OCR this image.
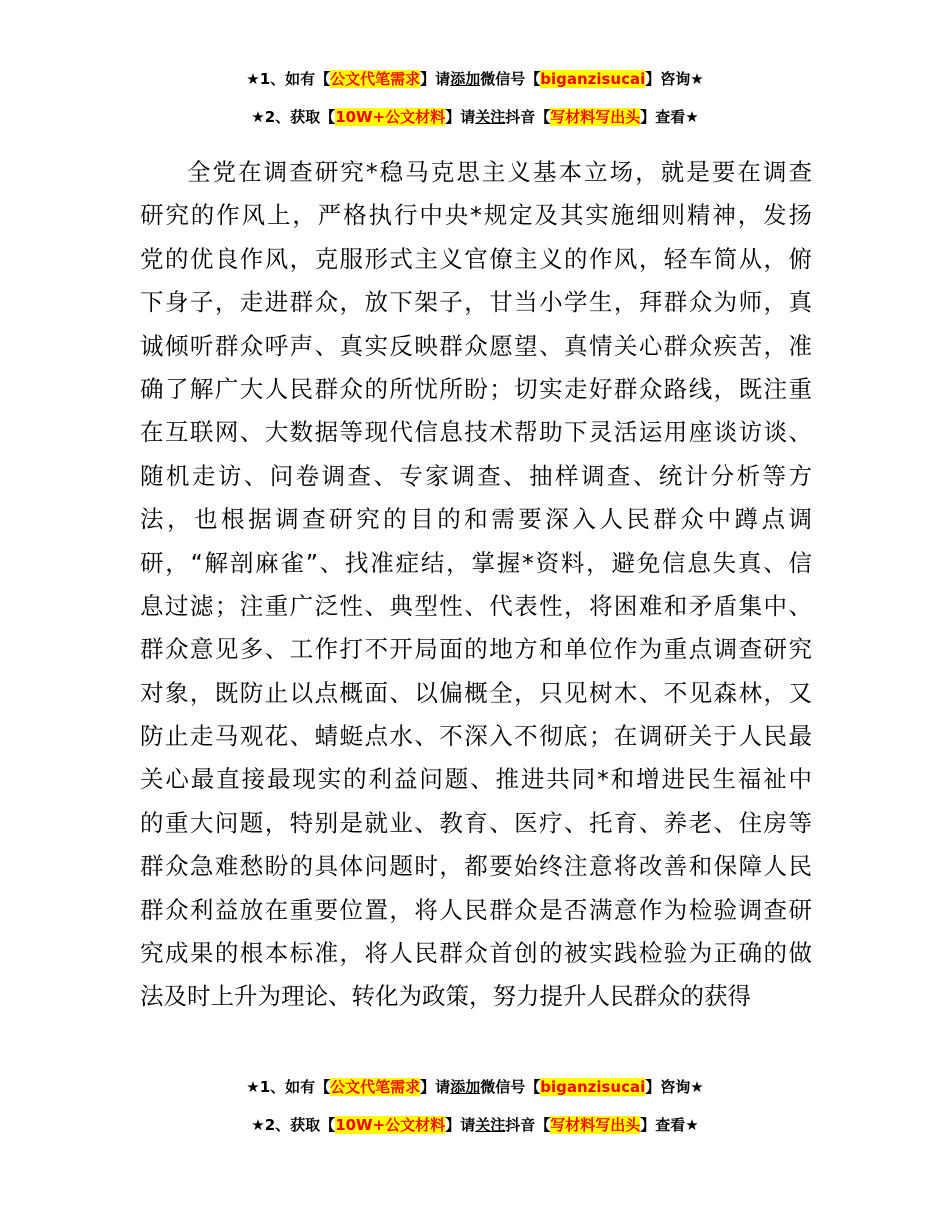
★1、如有【公文代笔需求】请添加微信号【biganzisucai】咨询★
★2、获取【10W+公文材料】请关注抖音【写材料写出头】查看★
全党在调查研究*稳马克思主义基本立场，就是要在调查
研究的作风上，严格执行中央*规定及其实施细则精神，发扬
党的优良作风，克服形式主义官僚主义的作风，轻车简从，俯
下身子，走进群众，放下架子，甘当小学生，拜群众为师，真
诚倾听群众呼声、真实反映群众愿望、真情关心群众疾苦，准
确了解广大人民群众的所忧所盼；切实走好群众路线，既注重
在互联网、大数据等现代信息技术帮助下灵活运用座谈访谈、
随机走访、问卷调查、专家调查、抽样调查、统计分析等方
法，也根据调查研究的目的和需要深入人民群众中蹲点调
研，“解剖麻雀”、找准症结，掌握*资料，避免信息失真、信
息过滤；注重广泛性、典型性、代表性，将困难和矛盾集中、
群众意见多、工作打不开局面的地方和单位作为重点调查研究
对象，既防止以点概面、以偏概全，只见树木、不见森林，又
防止走马观花、蜻蜓点水、不深入不彻底；在调研关于人民最
关心最直接最现实的利益问题、推进共同*和增进民生福祉中
的重大问题，特别是就业、教育、医疗、托育、养老、住房等
群众急难愁盼的具体问题时，都要始终注意将改善和保障人民
群众利益放在重要位置，将人民群众是否满意作为检验调查研
究成果的根本标准，将人民群众首创的被实践检验为正确的做
法及时上升为理论、转化为政策，努力提升人民群众的获得
★1、如有【公文代笔需求】请添加微信号【biganzisucai】咨询★
★2、获取【10W+公文材料】请关注抖音【写材料写出头】查看★
